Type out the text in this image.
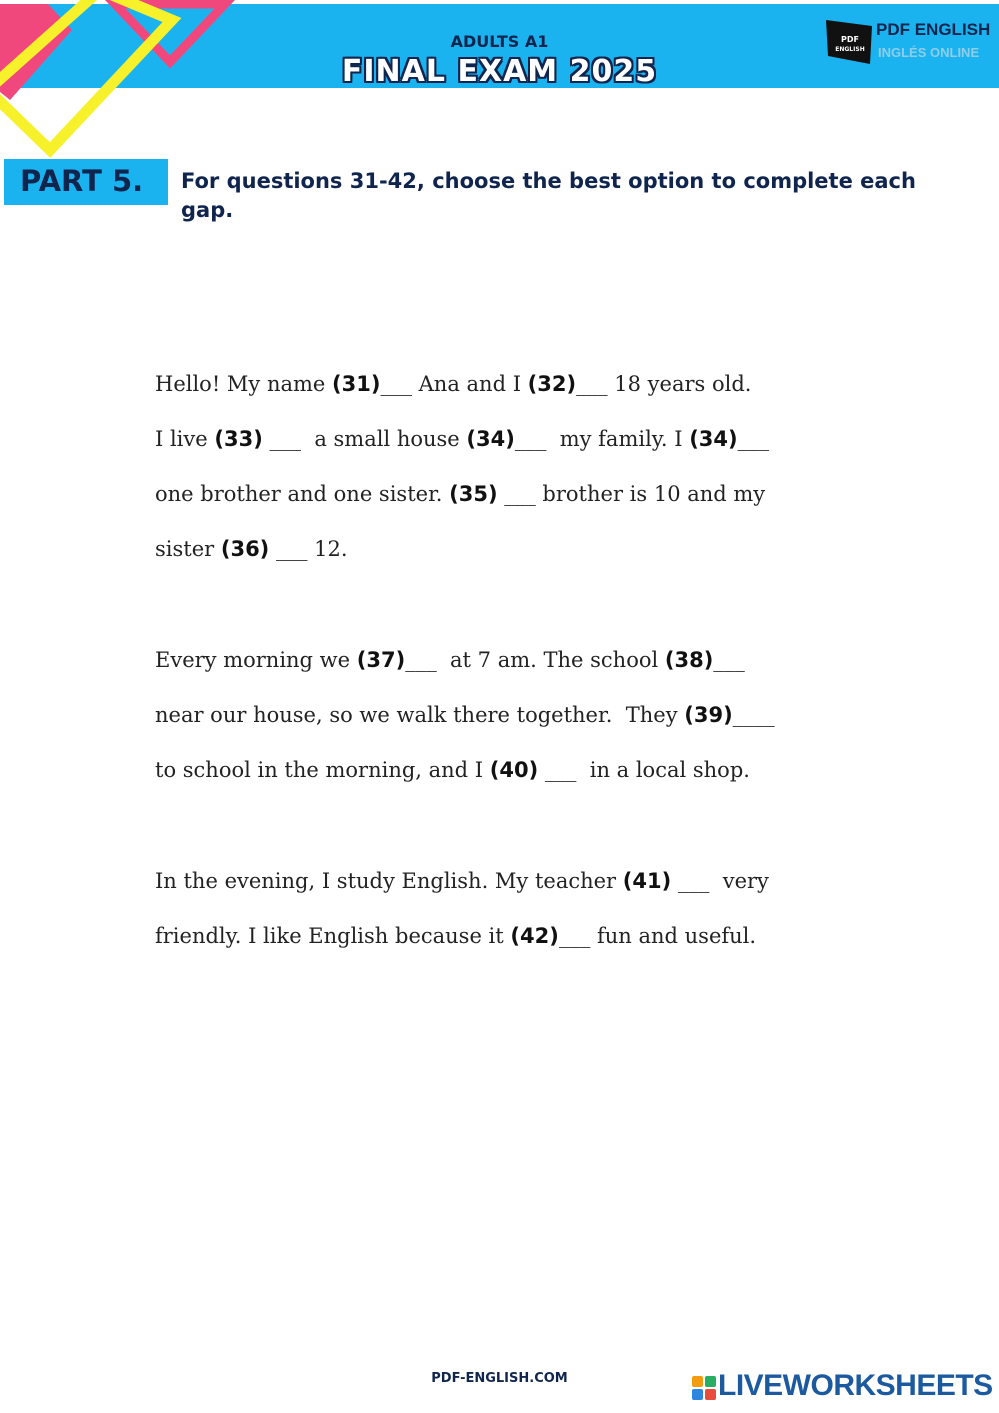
ADULTS A1
FINAL EXAM 2025
PDF
ENGLISH
PDF ENGLISH
INGLÉS ONLINE
PART 5. For questions 31-42, choose the best option to complete each gap.
Hello! My name (31)___ Ana and I (32)___ 18 years old.
I live (33) ___  a small house (34)___  my family. I (34)___
one brother and one sister. (35) ___ brother is 10 and my
sister (36) ___ 12.
Every morning we (37)___  at 7 am. The school (38)___
near our house, so we walk there together.  They (39)____
to school in the morning, and I (40) ___  in a local shop.
In the evening, I study English. My teacher (41) ___  very
friendly. I like English because it (42)___ fun and useful.
PDF-ENGLISH.COM	LIVEWORKSHEETS
